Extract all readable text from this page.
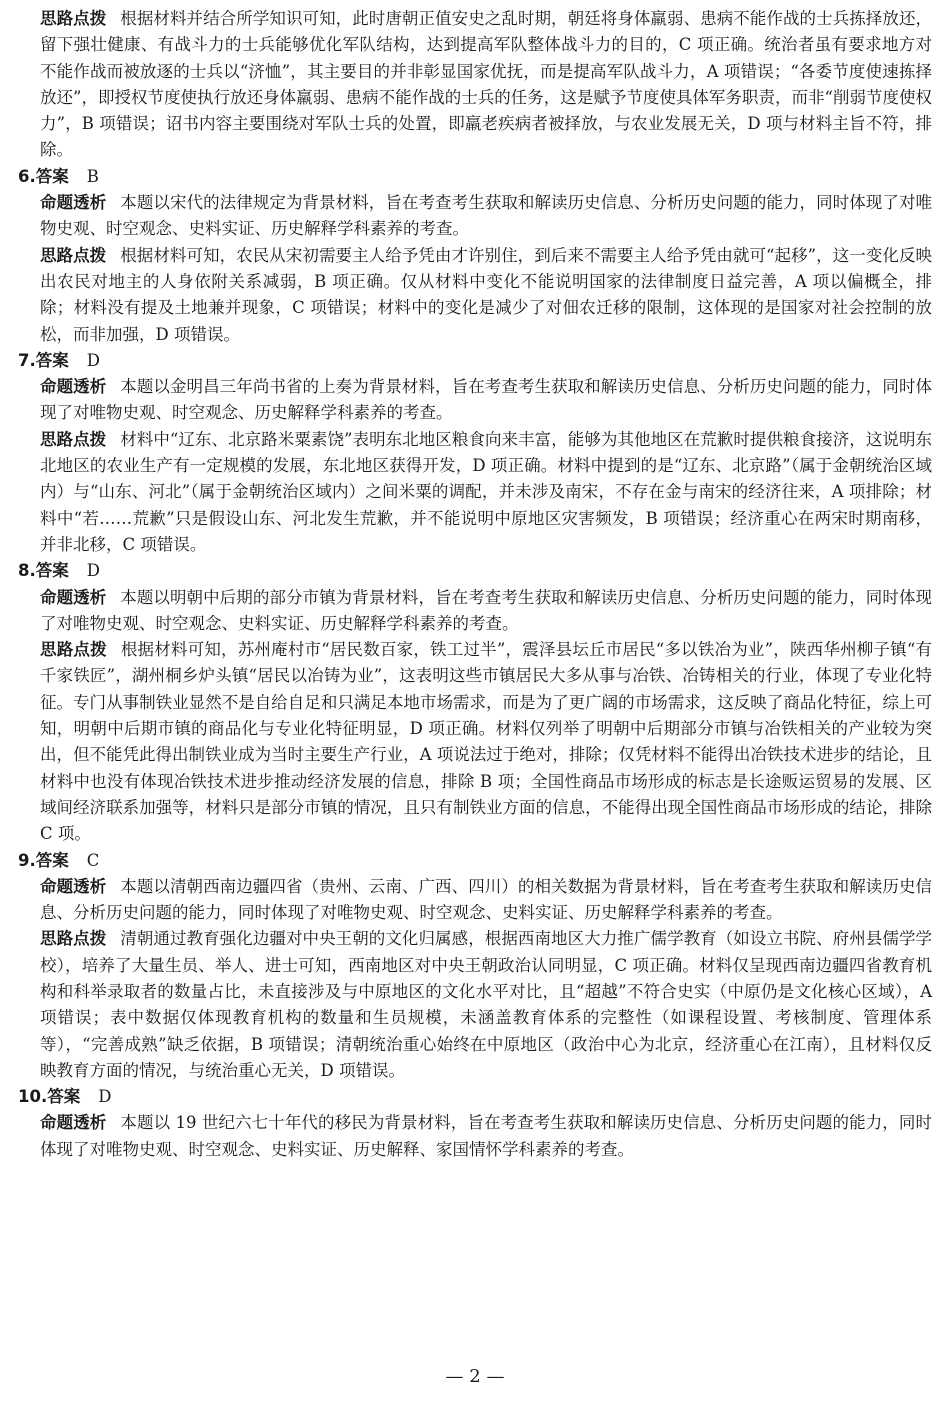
思路点拨 根据材料并结合所学知识可知，此时唐朝正值安史之乱时期，朝廷将身体羸弱、患病不能作战的士兵拣择放还，留下强壮健康、有战斗力的士兵能够优化军队结构，达到提高军队整体战斗力的目的，C 项正确。统治者虽有要求地方对不能作战而被放逐的士兵以“济恤”，其主要目的并非彰显国家优抚，而是提高军队战斗力，A 项错误；“各委节度使速拣择放还”，即授权节度使执行放还身体羸弱、患病不能作战的士兵的任务，这是赋予节度使具体军务职责，而非“削弱节度使权力”，B 项错误；诏书内容主要围绕对军队士兵的处置，即羸老疾病者被择放，与农业发展无关，D 项与材料主旨不符，排除。

6.答案 B

命题透析 本题以宋代的法律规定为背景材料，旨在考查考生获取和解读历史信息、分析历史问题的能力，同时体现了对唯物史观、时空观念、史料实证、历史解释学科素养的考查。

思路点拨 根据材料可知，农民从宋初需要主人给予凭由才许别住，到后来不需要主人给予凭由就可“起移”，这一变化反映出农民对地主的人身依附关系减弱，B 项正确。仅从材料中变化不能说明国家的法律制度日益完善，A 项以偏概全，排除；材料没有提及土地兼并现象，C 项错误；材料中的变化是减少了对佃农迁移的限制，这体现的是国家对社会控制的放松，而非加强，D 项错误。

7.答案 D

命题透析 本题以金明昌三年尚书省的上奏为背景材料，旨在考查考生获取和解读历史信息、分析历史问题的能力，同时体现了对唯物史观、时空观念、历史解释学科素养的考查。

思路点拨 材料中“辽东、北京路米粟素饶”表明东北地区粮食向来丰富，能够为其他地区在荒歉时提供粮食接济，这说明东北地区的农业生产有一定规模的发展，东北地区获得开发，D 项正确。材料中提到的是“辽东、北京路”（属于金朝统治区域内）与“山东、河北”（属于金朝统治区域内）之间米粟的调配，并未涉及南宋，不存在金与南宋的经济往来，A 项排除；材料中“若……荒歉”只是假设山东、河北发生荒歉，并不能说明中原地区灾害频发，B 项错误；经济重心在两宋时期南移，并非北移，C 项错误。

8.答案 D

命题透析 本题以明朝中后期的部分市镇为背景材料，旨在考查考生获取和解读历史信息、分析历史问题的能力，同时体现了对唯物史观、时空观念、史料实证、历史解释学科素养的考查。

思路点拨 根据材料可知，苏州庵村市“居民数百家，铁工过半”，震泽县坛丘市居民“多以铁冶为业”，陕西华州柳子镇“有千家铁匠”，湖州桐乡炉头镇“居民以冶铸为业”，这表明这些市镇居民大多从事与冶铁、冶铸相关的行业，体现了专业化特征。专门从事制铁业显然不是自给自足和只满足本地市场需求，而是为了更广阔的市场需求，这反映了商品化特征，综上可知，明朝中后期市镇的商品化与专业化特征明显，D 项正确。材料仅列举了明朝中后期部分市镇与冶铁相关的产业较为突出，但不能凭此得出制铁业成为当时主要生产行业，A 项说法过于绝对，排除；仅凭材料不能得出冶铁技术进步的结论，且材料中也没有体现冶铁技术进步推动经济发展的信息，排除 B 项；全国性商品市场形成的标志是长途贩运贸易的发展、区域间经济联系加强等，材料只是部分市镇的情况，且只有制铁业方面的信息，不能得出现全国性商品市场形成的结论，排除 C 项。

9.答案 C

命题透析 本题以清朝西南边疆四省（贵州、云南、广西、四川）的相关数据为背景材料，旨在考查考生获取和解读历史信息、分析历史问题的能力，同时体现了对唯物史观、时空观念、史料实证、历史解释学科素养的考查。

思路点拨 清朝通过教育强化边疆对中央王朝的文化归属感，根据西南地区大力推广儒学教育（如设立书院、府州县儒学学校），培养了大量生员、举人、进士可知，西南地区对中央王朝政治认同明显，C 项正确。材料仅呈现西南边疆四省教育机构和科举录取者的数量占比，未直接涉及与中原地区的文化水平对比，且“超越”不符合史实（中原仍是文化核心区域），A 项错误；表中数据仅体现教育机构的数量和生员规模，未涵盖教育体系的完整性（如课程设置、考核制度、管理体系等），“完善成熟”缺乏依据，B 项错误；清朝统治重心始终在中原地区（政治中心为北京，经济重心在江南），且材料仅反映教育方面的情况，与统治重心无关，D 项错误。

10.答案 D

命题透析 本题以 19 世纪六七十年代的移民为背景材料，旨在考查考生获取和解读历史信息、分析历史问题的能力，同时体现了对唯物史观、时空观念、史料实证、历史解释、家国情怀学科素养的考查。

— 2 —
